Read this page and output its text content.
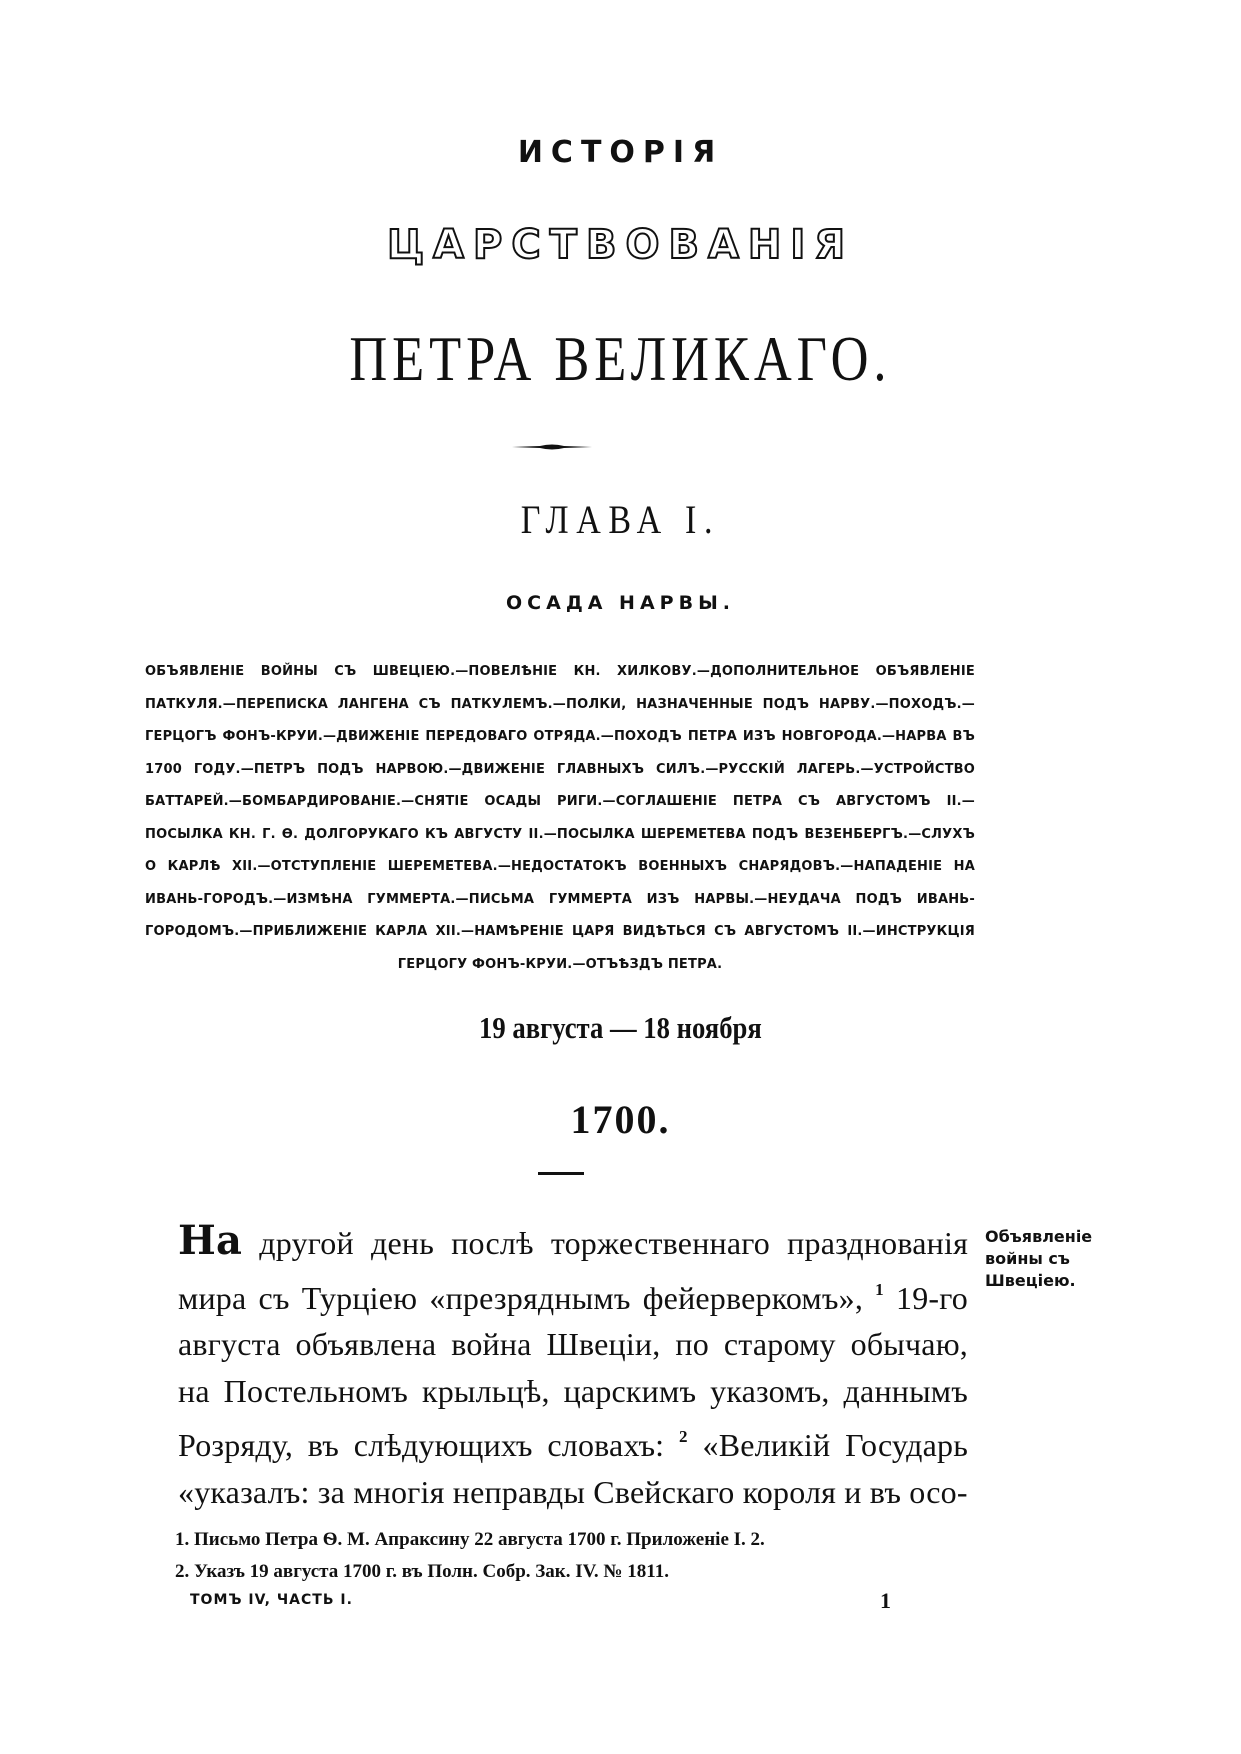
ИСТОРІЯ
ЦАРСТВОВАНІЯ
ПЕТРА ВЕЛИКАГО.
ГЛАВА I.
ОСАДА НАРВЫ.
ОБЪЯВЛЕНІЕ ВОЙНЫ СЪ ШВЕЦІЕЮ.—ПОВЕЛѢНІЕ КН. ХИЛКОВУ.—ДОПОЛНИТЕЛЬНОЕ ОБЪЯВЛЕНІЕ ПАТКУЛЯ.—ПЕРЕПИСКА ЛАНГЕНА СЪ ПАТКУЛЕМЪ.—ПОЛКИ, НАЗНАЧЕННЫЕ ПОДЪ НАРВУ.—ПОХОДЪ.—ГЕРЦОГЪ ФОНЪ-КРУИ.—ДВИЖЕНІЕ ПЕРЕДОВАГО ОТРЯДА.—ПОХОДЪ ПЕТРА ИЗЪ НОВГОРОДА.—НАРВА ВЪ 1700 ГОДУ.—ПЕТРЪ ПОДЪ НАРВОЮ.—ДВИЖЕНІЕ ГЛАВНЫХЪ СИЛЪ.—РУССКІЙ ЛАГЕРЬ.—УСТРОЙСТВО БАТТАРЕЙ.—БОМБАРДИРОВАНІЕ.—СНЯТІЕ ОСАДЫ РИГИ.—СОГЛАШЕНІЕ ПЕТРА СЪ АВГУСТОМЪ II.—ПОСЫЛКА КН. Г. Ѳ. ДОЛГОРУКАГО КЪ АВГУСТУ II.—ПОСЫЛКА ШЕРЕМЕТЕВА ПОДЪ ВЕЗЕНБЕРГЪ.—СЛУХЪ О КАРЛѢ XII.—ОТСТУПЛЕНІЕ ШЕРЕМЕТЕВА.—НЕДОСТАТОКЪ ВОЕННЫХЪ СНАРЯДОВЪ.—НАПАДЕНІЕ НА ИВАНЬ-ГОРОДЪ.—ИЗМѢНА ГУММЕРТА.—ПИСЬМА ГУММЕРТА ИЗЪ НАРВЫ.—НЕУДАЧА ПОДЪ ИВАНЬ-ГОРОДОМЪ.—ПРИБЛИЖЕНІЕ КАРЛА XII.—НАМѢРЕНІЕ ЦАРЯ ВИДѢТЬСЯ СЪ АВГУСТОМЪ II.—ИНСТРУКЦІЯ ГЕРЦОГУ ФОНЪ-КРУИ.—ОТЪѢЗДЪ ПЕТРА.
19 августа — 18 ноября
1700.
На другой день послѣ торжественнаго празднованія
мира съ Турціею «презряднымъ фейерверкомъ», $^1$ 19-го
августа объявлена война Швеціи, по старому обычаю,
на Постельномъ крыльцѣ, царскимъ указомъ, даннымъ
Розряду, въ слѣдующихъ словахъ: $^2$ «Великій Государь
«указалъ: за многія неправды Свейскаго короля и въ осо-
Объявленіе
войны съ
Швеціею.
1. Письмо Петра Ѳ. М. Апраксину 22 августа 1700 г. Приложеніе I. 2.
2. Указъ 19 августа 1700 г. въ Полн. Собр. Зак. IV. № 1811.
ТОМЪ IV, ЧАСТЬ I.	1
